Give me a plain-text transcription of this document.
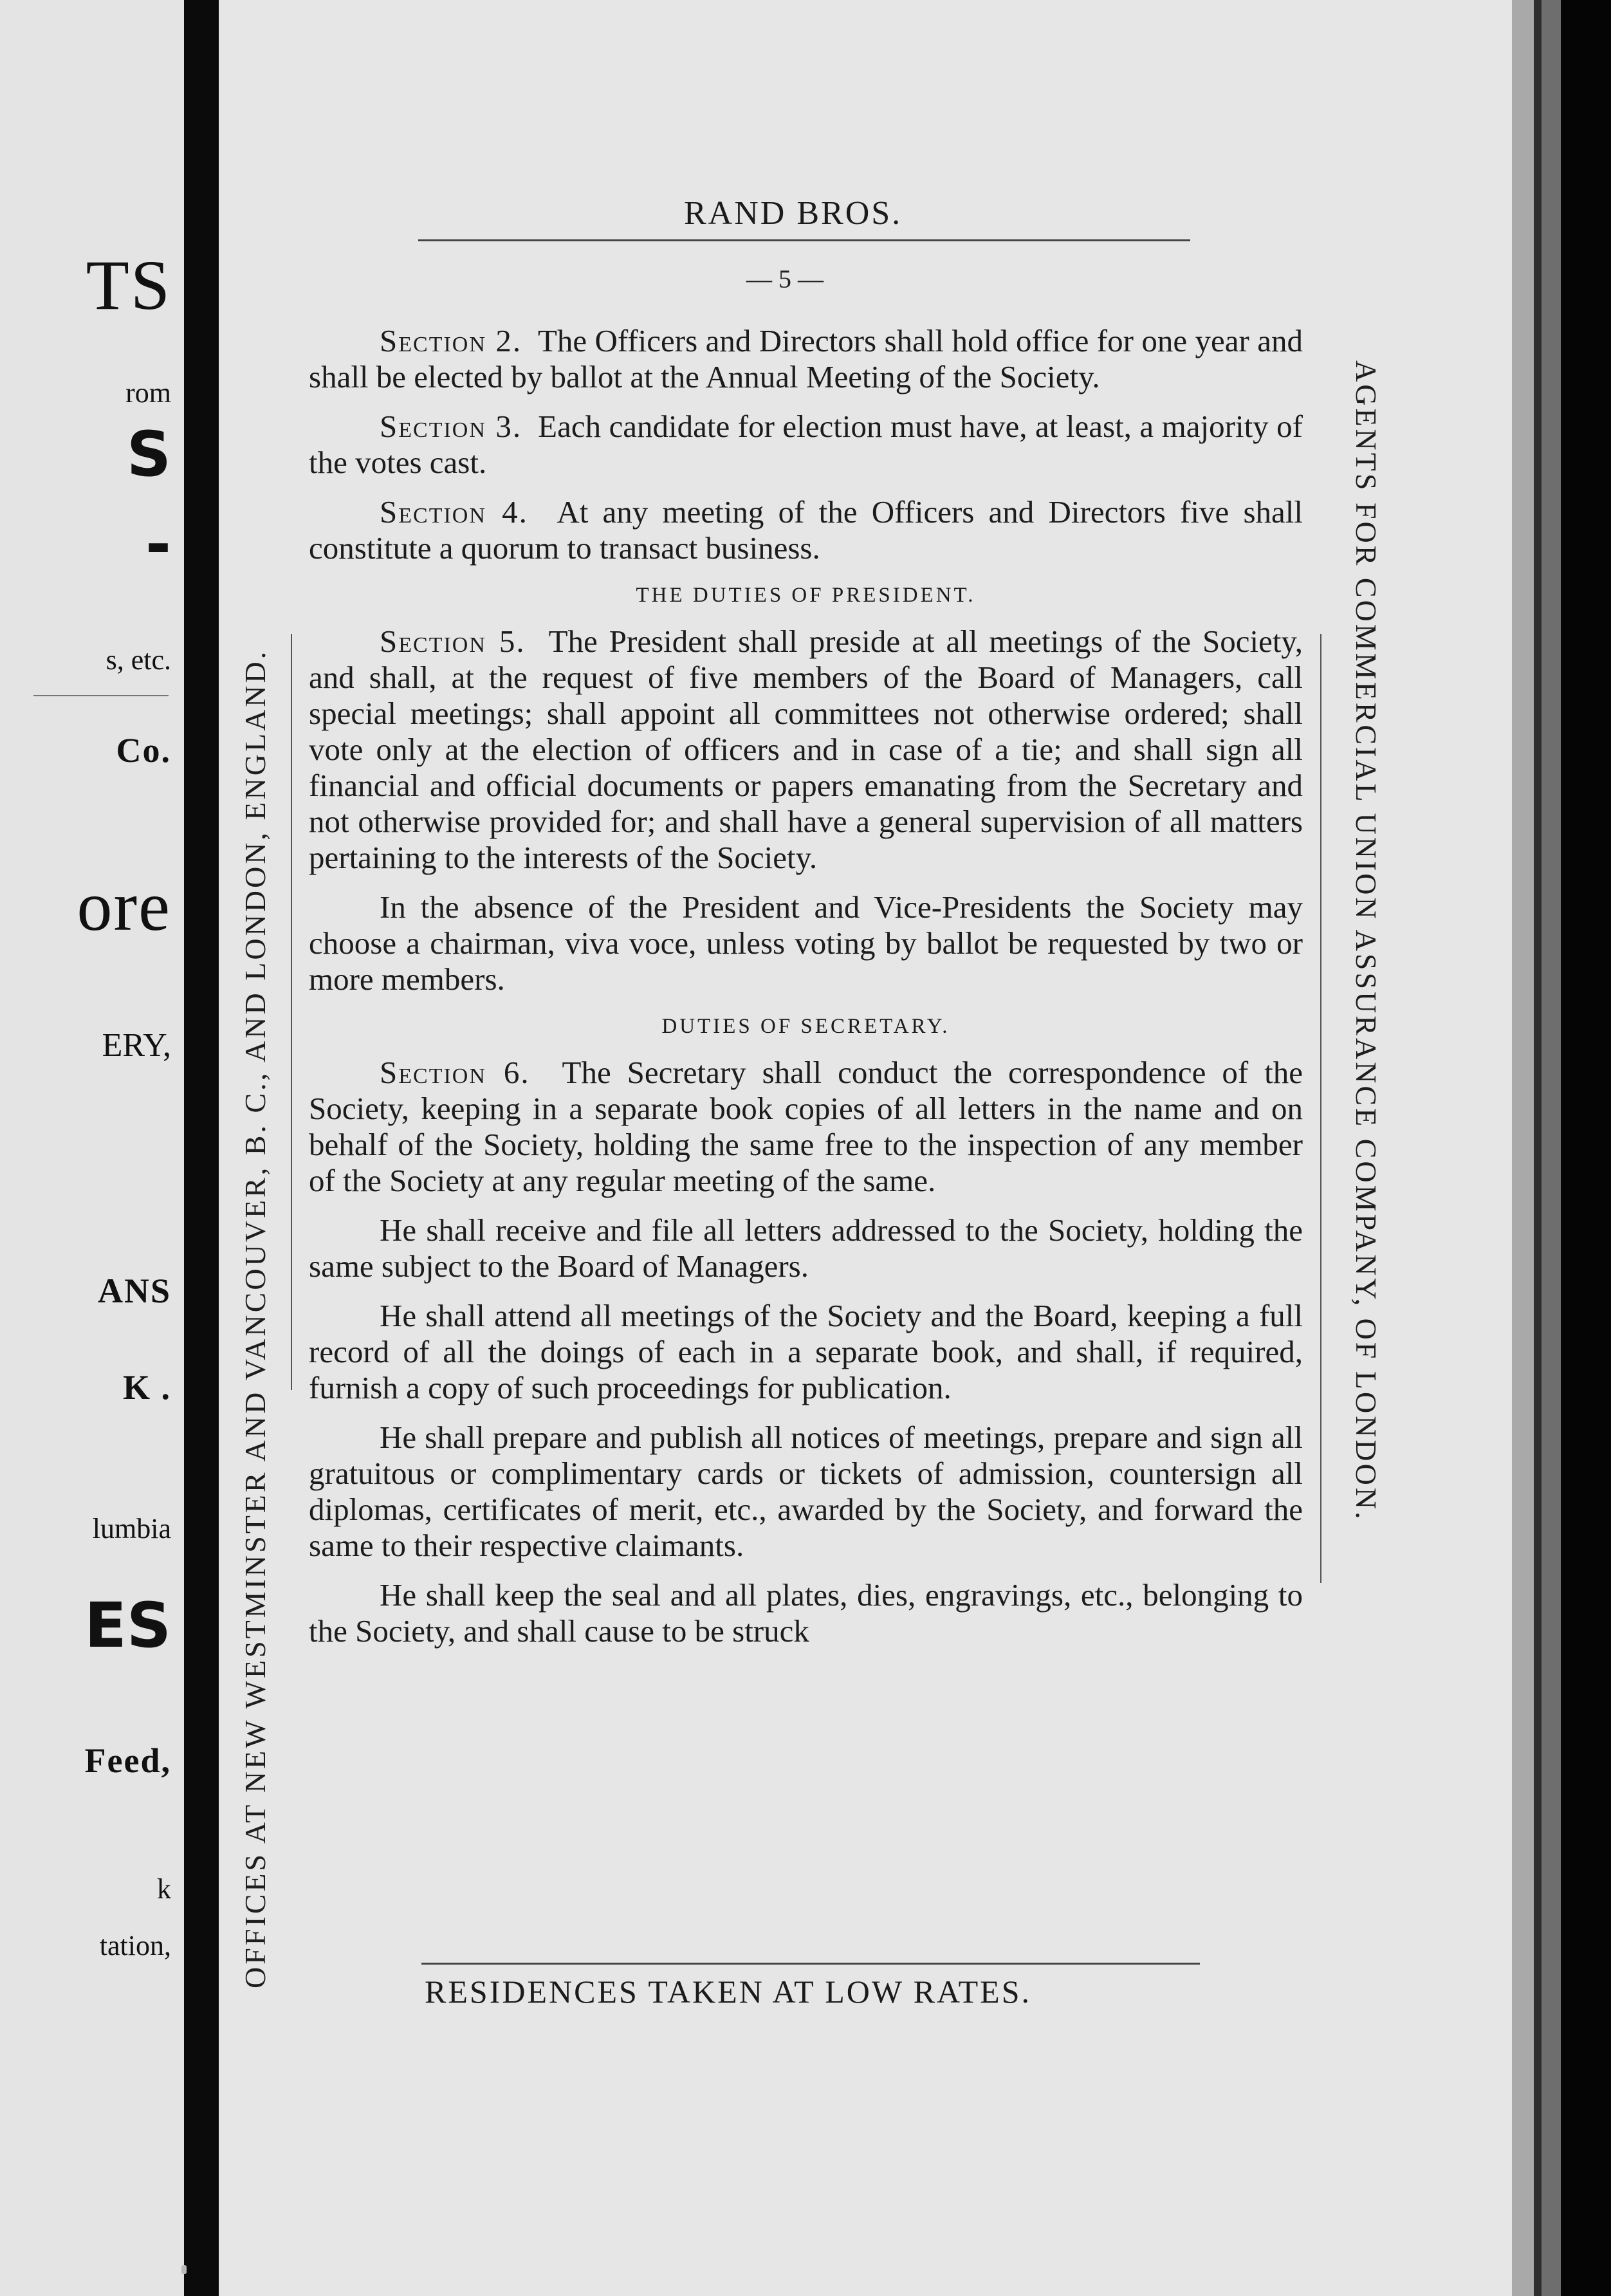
TS
rom
S
-
s, etc.
Co.
ore
ERY,
ANS
K .
lumbia
ES
Feed,
k
tation,
RAND BROS.
— 5 —
OFFICES AT NEW WESTMINSTER AND VANCOUVER, B. C., AND LONDON, ENGLAND.	AGENTS FOR COMMERCIAL UNION ASSURANCE COMPANY, OF LONDON.

Section 2. The Officers and Directors shall hold office for one year and shall be elected by ballot at the Annual Meeting of the Society.

Section 3. Each candidate for election must have, at least, a majority of the votes cast.

Section 4. At any meeting of the Officers and Directors five shall constitute a quorum to transact business.

THE DUTIES OF PRESIDENT.

Section 5. The President shall preside at all meetings of the Society, and shall, at the request of five members of the Board of Managers, call special meetings; shall appoint all committees not otherwise ordered; shall vote only at the election of officers and in case of a tie; and shall sign all financial and official documents or papers emanating from the Secretary and not otherwise provided for; and shall have a general supervision of all matters pertaining to the interests of the Society.

In the absence of the President and Vice-Presidents the Society may choose a chairman, viva voce, unless voting by ballot be requested by two or more members.

DUTIES OF SECRETARY.

Section 6. The Secretary shall conduct the correspondence of the Society, keeping in a separate book copies of all letters in the name and on behalf of the Society, holding the same free to the inspection of any member of the Society at any regular meeting of the same.

He shall receive and file all letters addressed to the Society, holding the same subject to the Board of Managers.

He shall attend all meetings of the Society and the Board, keeping a full record of all the doings of each in a separate book, and shall, if required, furnish a copy of such proceedings for publication.

He shall prepare and publish all notices of meetings, prepare and sign all gratuitous or complimentary cards or tickets of admission, countersign all diplomas, certificates of merit, etc., awarded by the Society, and forward the same to their respective claimants.

He shall keep the seal and all plates, dies, engravings, etc., belonging to the Society, and shall cause to be struck

RESIDENCES TAKEN AT LOW RATES.
